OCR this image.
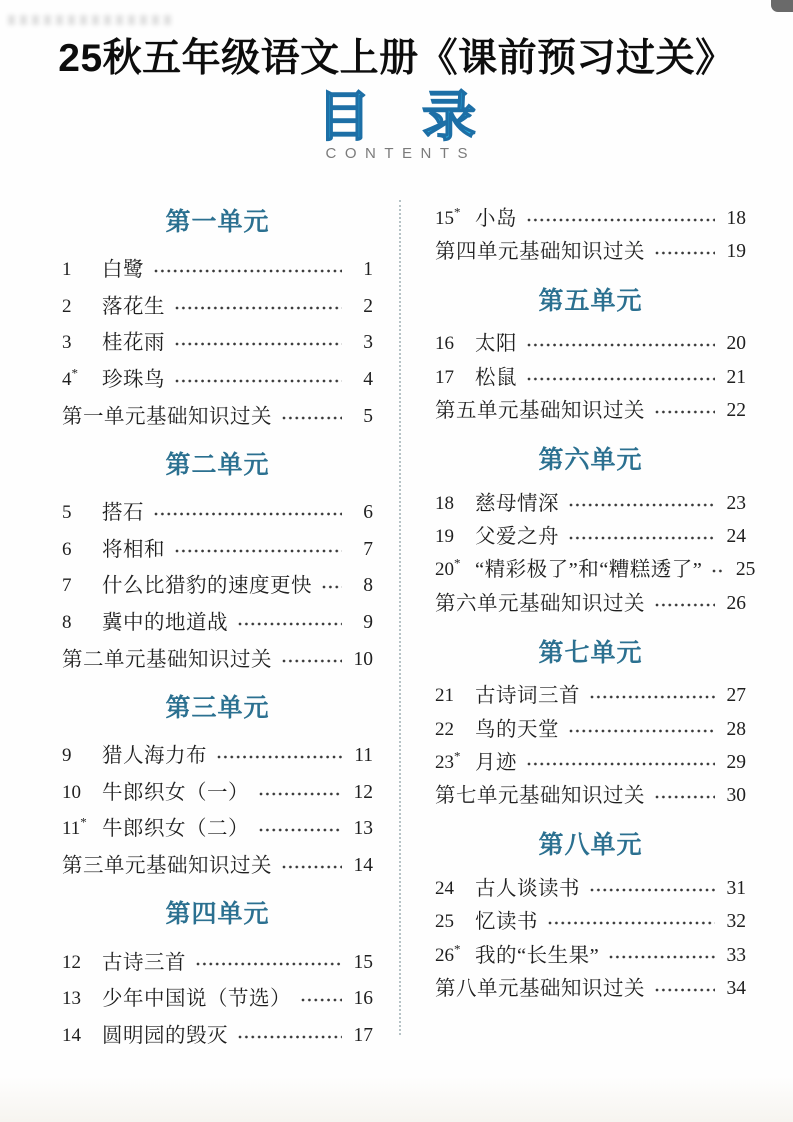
25秋五年级语文上册《课前预习过关》
目 录
CONTENTS
第一单元
1	白鹭	1
2	落花生	2
3	桂花雨	3
4*	珍珠鸟	4
第一单元基础知识过关	5
第二单元
5	搭石	6
6	将相和	7
7	什么比猎豹的速度更快	8
8	冀中的地道战	9
第二单元基础知识过关	10
第三单元
9	猎人海力布	11
10	牛郎织女（一）	12
11* 牛郎织女（二）	13
第三单元基础知识过关	14
第四单元
12	古诗三首	15
13	少年中国说（节选）	16
14	圆明园的毁灭	17
15* 小岛	18
第四单元基础知识过关	19
第五单元
16	太阳	20
17	松鼠	21
第五单元基础知识过关	22
第六单元
18	慈母情深	23
19	父爱之舟	24
20* “精彩极了”和“糟糕透了” 25
第六单元基础知识过关	26
第七单元
21	古诗词三首	27
22	鸟的天堂	28
23* 月迹	29
第七单元基础知识过关	30
第八单元
24	古人谈读书	31
25	忆读书	32
26* 我的“长生果”	33
第八单元基础知识过关	34
